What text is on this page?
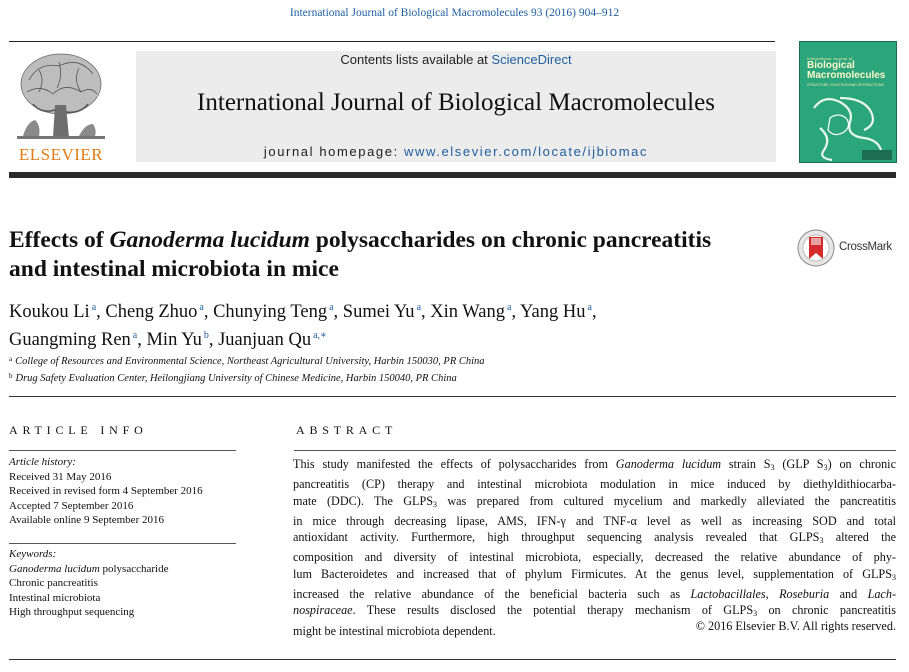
International Journal of Biological Macromolecules 93 (2016) 904–912
ELSEVIER
Contents lists available at ScienceDirect
International Journal of Biological Macromolecules
journal homepage: www.elsevier.com/locate/ijbiomac
International Journal of
Biological
Macromolecules
STRUCTURE, FUNCTION AND INTERACTIONS
Effects of Ganoderma lucidum polysaccharides on chronic pancreatitis
and intestinal microbiota in mice
CrossMark
Koukou Li $^a$, Cheng Zhuo $^a$, Chunying Teng $^a$, Sumei Yu $^a$, Xin Wang $^a$, Yang Hu $^a$,
Guangming Ren $^a$, Min Yu $^b$, Juanjuan Qu $^{a,∗}$
$^a$ College of Resources and Environmental Science, Northeast Agricultural University, Harbin 150030, PR China
$^b$ Drug Safety Evaluation Center, Heilongjiang University of Chinese Medicine, Harbin 150040, PR China
ARTICLE INFO	ABSTRACT
Article history:
Received 31 May 2016
Received in revised form 4 September 2016
Accepted 7 September 2016
Available online 9 September 2016
Keywords:
Ganoderma lucidum polysaccharide
Chronic pancreatitis
Intestinal microbiota
High throughput sequencing
This study manifested the effects of polysaccharides from Ganoderma lucidum strain $S_3$ (GLP $S_3$) on chronic
pancreatitis (CP) therapy and intestinal microbiota modulation in mice induced by diethyldithiocarba-
mate (DDC). The $GLPS_3$ was prepared from cultured mycelium and markedly alleviated the pancreatitis
in mice through decreasing lipase, AMS, IFN-γ and TNF-α level as well as increasing SOD and total
antioxidant activity. Furthermore, high throughput sequencing analysis revealed that $GLPS_3$ altered the
composition and diversity of intestinal microbiota, especially, decreased the relative abundance of phy-
lum Bacteroidetes and increased that of phylum Firmicutes. At the genus level, supplementation of $GLPS_3$
increased the relative abundance of the beneficial bacteria such as Lactobacillales, Roseburia and Lach-
nospiraceae. These results disclosed the potential therapy mechanism of $GLPS_3$ on chronic pancreatitis
might be intestinal microbiota dependent.	© 2016 Elsevier B.V. All rights reserved.
